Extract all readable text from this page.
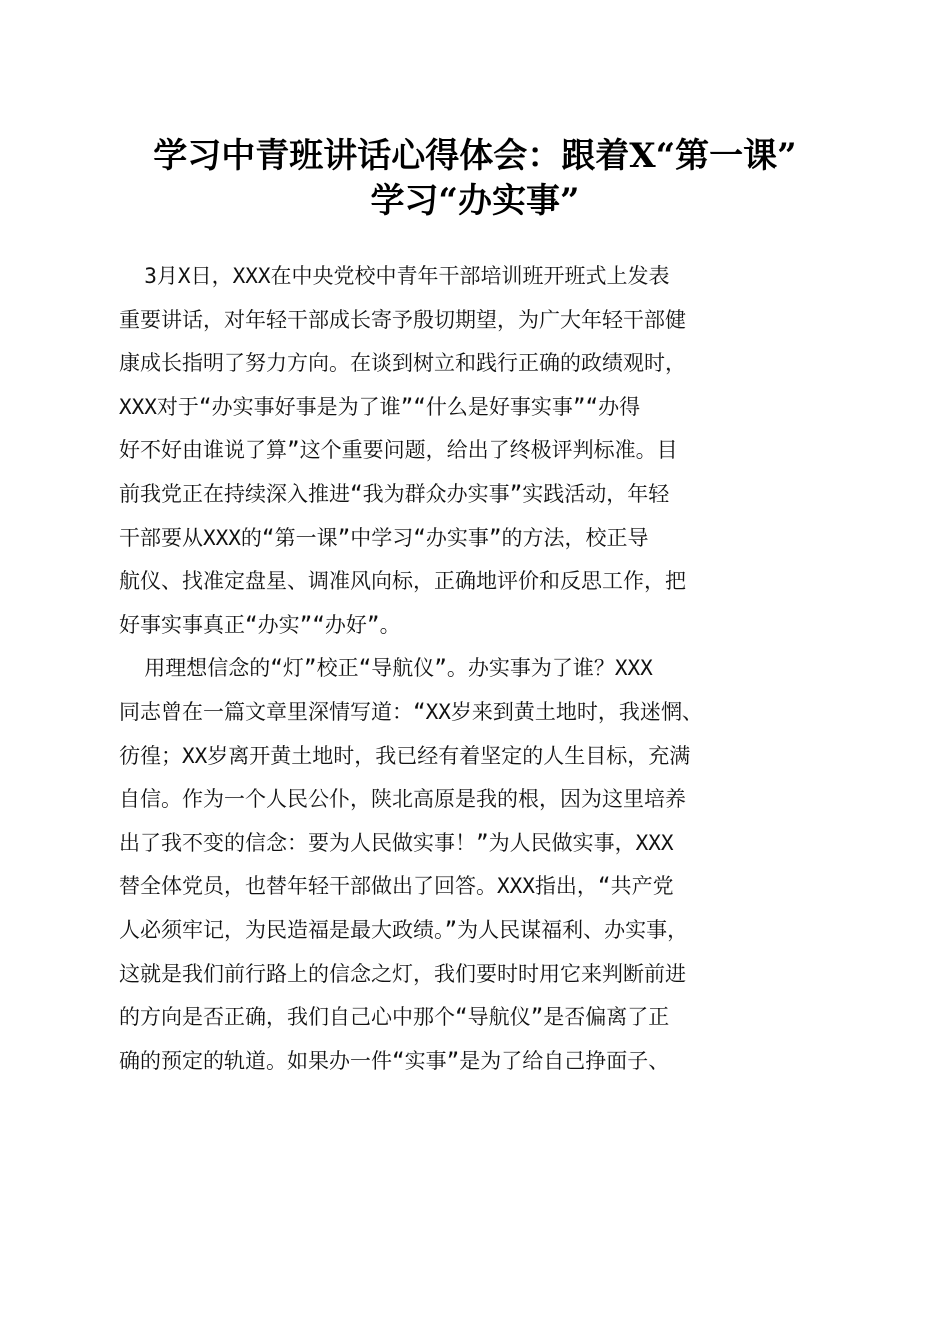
学习中青班讲话心得体会：跟着X“第一课”
学习“办实事”

3月X日，XXX在中央党校中青年干部培训班开班式上发表
重要讲话，对年轻干部成长寄予殷切期望，为广大年轻干部健
康成长指明了努力方向。在谈到树立和践行正确的政绩观时，
XXX对于“办实事好事是为了谁”“什么是好事实事”“办得
好不好由谁说了算”这个重要问题，给出了终极评判标准。目
前我党正在持续深入推进“我为群众办实事”实践活动，年轻
干部要从XXX的“第一课”中学习“办实事”的方法，校正导
航仪、找准定盘星、调准风向标，正确地评价和反思工作，把
好事实事真正“办实”“办好”。

用理想信念的“灯”校正“导航仪”。办实事为了谁？XXX
同志曾在一篇文章里深情写道：“XX岁来到黄土地时，我迷惘、
彷徨；XX岁离开黄土地时，我已经有着坚定的人生目标，充满
自信。作为一个人民公仆，陕北高原是我的根，因为这里培养
出了我不变的信念：要为人民做实事！”为人民做实事，XXX
替全体党员，也替年轻干部做出了回答。XXX指出，“共产党
人必须牢记，为民造福是最大政绩。”为人民谋福利、办实事，
这就是我们前行路上的信念之灯，我们要时时用它来判断前进
的方向是否正确，我们自己心中那个“导航仪”是否偏离了正
确的预定的轨道。如果办一件“实事”是为了给自己挣面子、
